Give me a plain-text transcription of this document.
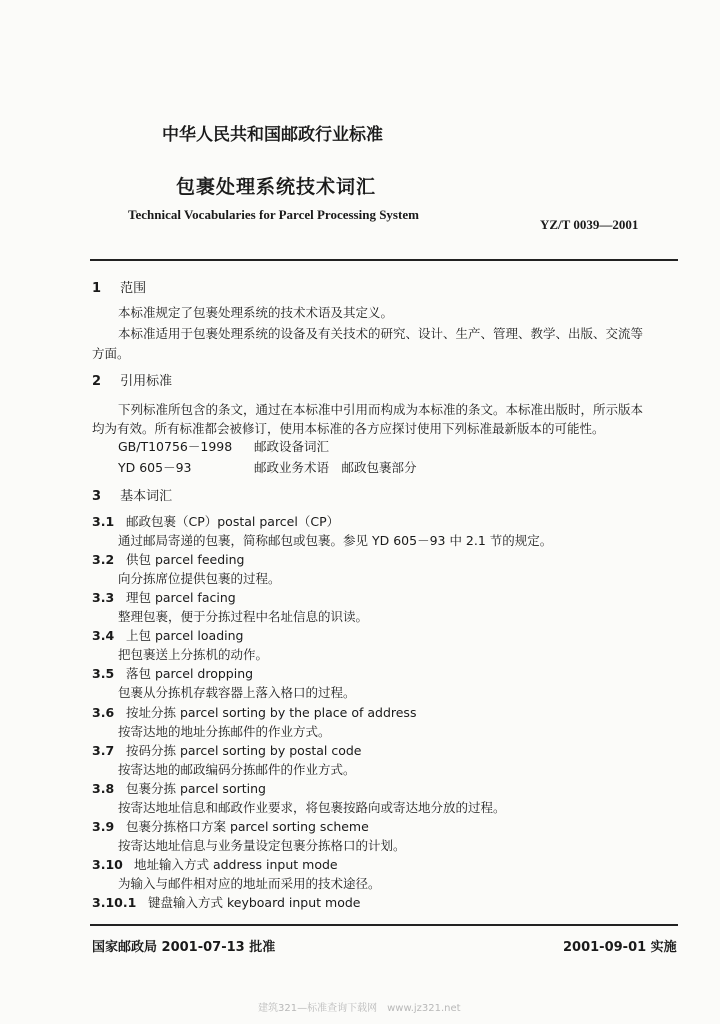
中华人民共和国邮政行业标准
包裹处理系统技术词汇
Technical Vocabularies for Parcel Processing System
YZ/T 0039—2001
1 范围
本标准规定了包裹处理系统的技术术语及其定义。
本标准适用于包裹处理系统的设备及有关技术的研究、设计、生产、管理、教学、出版、交流等
方面。
2 引用标准
下列标准所包含的条文，通过在本标准中引用而构成为本标准的条文。本标准出版时，所示版本
均为有效。所有标准都会被修订，使用本标准的各方应探讨使用下列标准最新版本的可能性。
GB/T10756－1998 邮政设备词汇
YD 605－93	邮政业务术语　邮政包裹部分
3 基本词汇
3.1 邮政包裹（CP）postal parcel（CP）
通过邮局寄递的包裹，简称邮包或包裹。参见 YD 605－93 中 2.1 节的规定。
3.2 供包 parcel feeding
向分拣席位提供包裹的过程。
3.3 理包 parcel facing
整理包裹，便于分拣过程中名址信息的识读。
3.4 上包 parcel loading
把包裹送上分拣机的动作。
3.5 落包 parcel dropping
包裹从分拣机存载容器上落入格口的过程。
3.6 按址分拣 parcel sorting by the place of address
按寄达地的地址分拣邮件的作业方式。
3.7 按码分拣 parcel sorting by postal code
按寄达地的邮政编码分拣邮件的作业方式。
3.8 包裹分拣 parcel sorting
按寄达地址信息和邮政作业要求，将包裹按路向或寄达地分放的过程。
3.9 包裹分拣格口方案 parcel sorting scheme
按寄达地址信息与业务量设定包裹分拣格口的计划。
3.10 地址输入方式 address input mode
为输入与邮件相对应的地址而采用的技术途径。
3.10.1 键盘输入方式 keyboard input mode
国家邮政局 2001-07-13 批准	2001-09-01 实施
建筑321—标准查询下载网　www.jz321.net
